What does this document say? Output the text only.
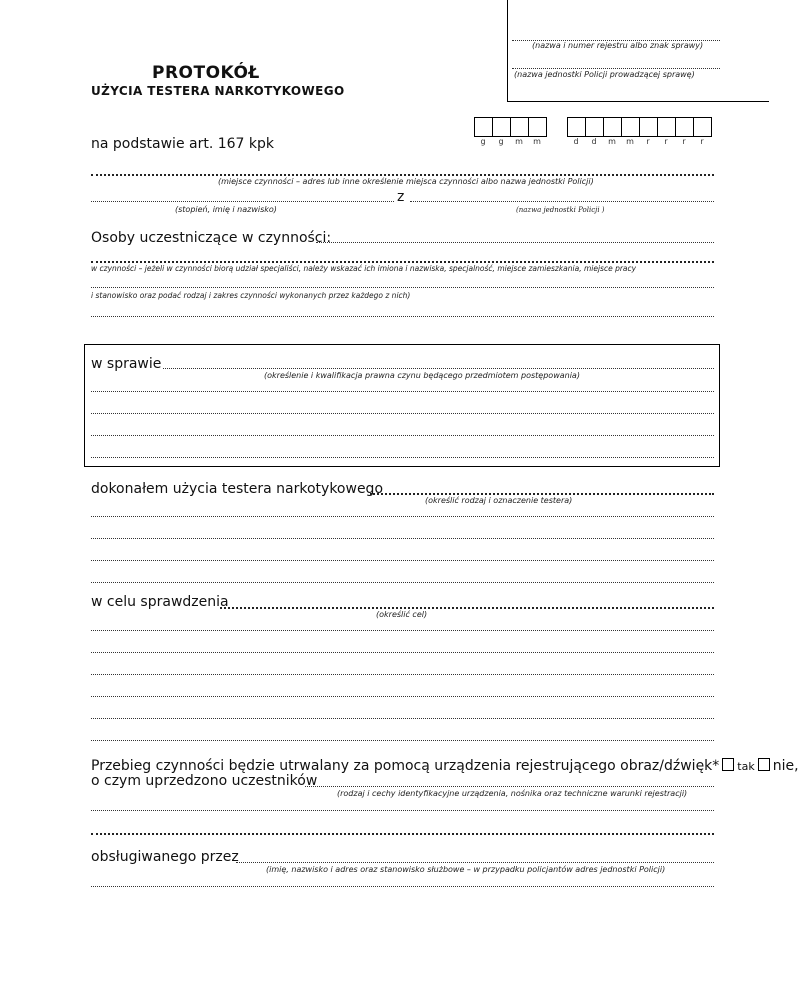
(nazwa i numer rejestru albo znak sprawy)
(nazwa jednostki Policji prowadzącej sprawę)
PROTOKÓŁ
UŻYCIA TESTERA NARKOTYKOWEGO
na podstawie art. 167 kpk	g	g	m	m	d	d	m	m	r	r	r	r
(miejsce czynności – adres lub inne określenie miejsca czynności albo nazwa jednostki Policji)
z
(stopień, imię i nazwisko)	(nazwa jednostki Policji )
Osoby uczestniczące w czynności:
w czynności – jeżeli w czynności biorą udział specjaliści, należy wskazać ich imiona i nazwiska, specjalność, miejsce zamieszkania, miejsce pracy
i stanowisko oraz podać rodzaj i zakres czynności wykonanych przez każdego z nich)
w sprawie
(określenie i kwalifikacja prawna czynu będącego przedmiotem postępowania)
dokonałem użycia testera narkotykowego
(określić rodzaj i oznaczenie testera)
w celu sprawdzenia
(określić cel)
Przebieg czynności będzie utrwalany za pomocą urządzenia rejestrującego obraz/dźwięk* tak nie,
o czym uprzedzono uczestników
(rodzaj i cechy identyfikacyjne urządzenia, nośnika oraz techniczne warunki rejestracji)
obsługiwanego przez
(imię, nazwisko i adres oraz stanowisko służbowe – w przypadku policjantów adres jednostki Policji)
